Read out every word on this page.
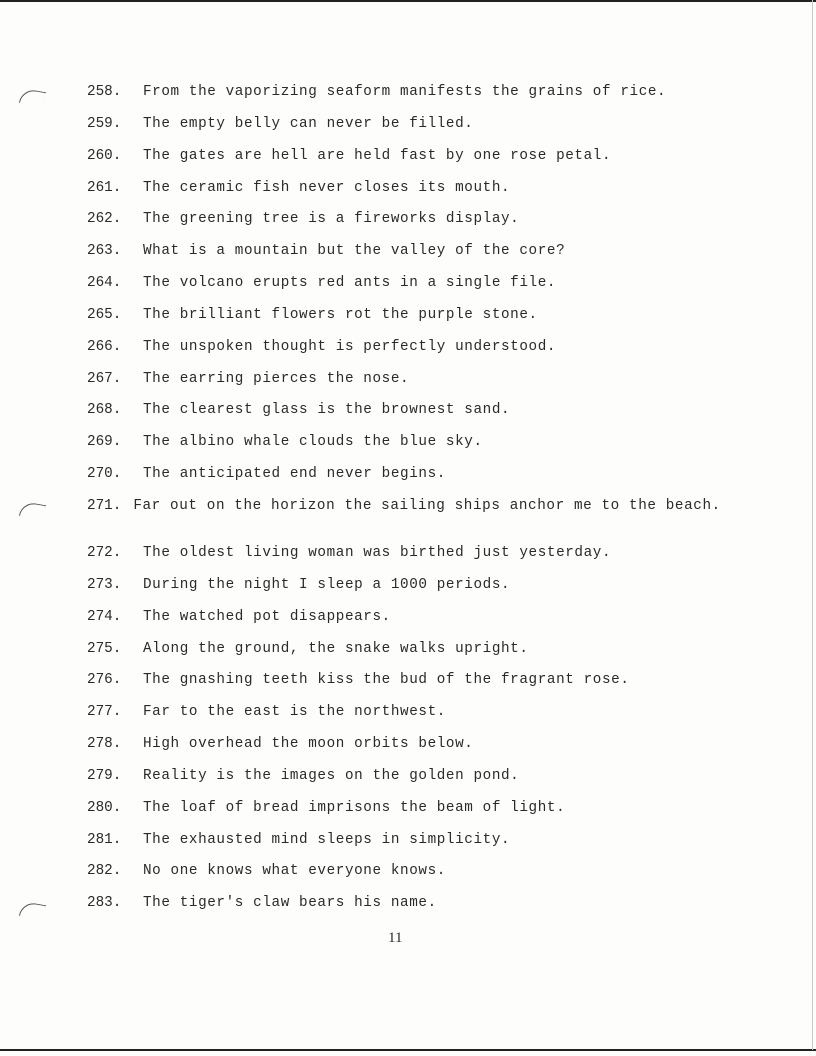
258. From the vaporizing seaform manifests the grains of rice.
259. The empty belly can never be filled.
260. The gates are hell are held fast by one rose petal.
261. The ceramic fish never closes its mouth.
262. The greening tree is a fireworks display.
263. What is a mountain but the valley of the core?
264. The volcano erupts red ants in a single file.
265. The brilliant flowers rot the purple stone.
266. The unspoken thought is perfectly understood.
267. The earring pierces the nose.
268. The clearest glass is the brownest sand.
269. The albino whale clouds the blue sky.
270. The anticipated end never begins.
271. Far out on the horizon the sailing ships anchor me to the beach.
272. The oldest living woman was birthed just yesterday.
273. During the night I sleep a 1000 periods.
274. The watched pot disappears.
275. Along the ground, the snake walks upright.
276. The gnashing teeth kiss the bud of the fragrant rose.
277. Far to the east is the northwest.
278. High overhead the moon orbits below.
279. Reality is the images on the golden pond.
280. The loaf of bread imprisons the beam of light.
281. The exhausted mind sleeps in simplicity.
282. No one knows what everyone knows.
283. The tiger's claw bears his name.
11
